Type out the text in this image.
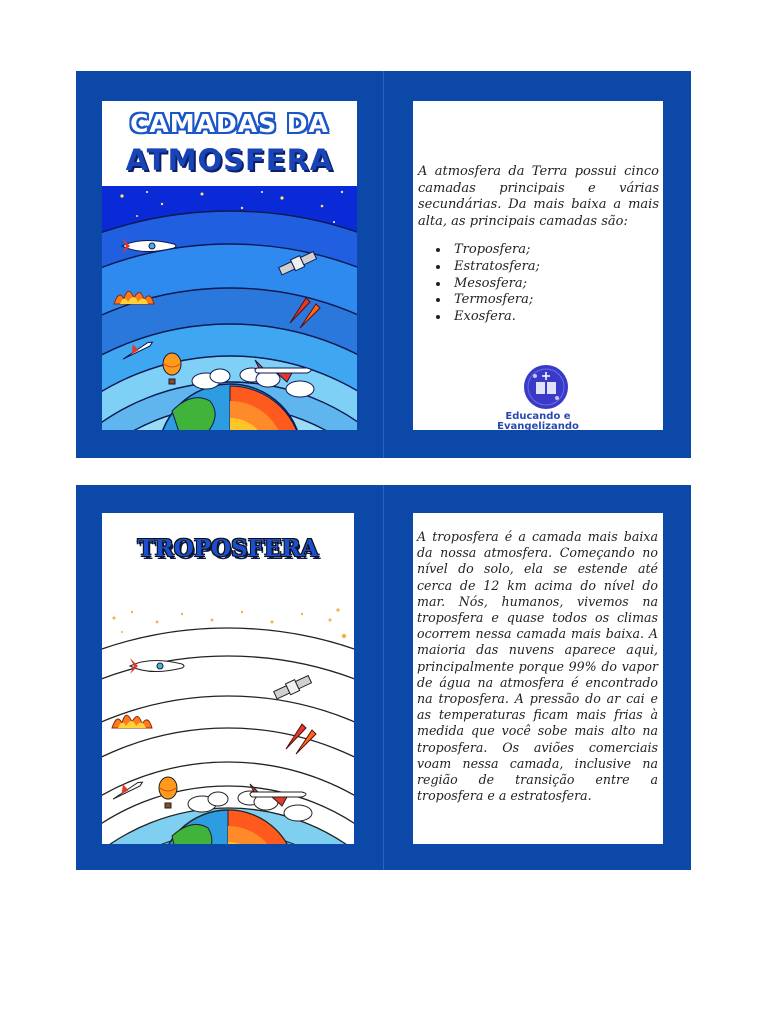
CAMADAS DA
ATMOSFERA	A atmosfera da Terra possui cinco camadas principais e várias secundárias. Da mais baixa a mais alta, as principais camadas são:
• Troposfera;
• Estratosfera;
• Mesosfera;
• Termosfera;
• Exosfera.
Educando e
Evangelizando
TROPOSFERA	A troposfera é a camada mais baixa da nossa atmosfera. Começando no nível do solo, ela se estende até cerca de 12 km acima do nível do mar. Nós, humanos, vivemos na troposfera e quase todos os climas ocorrem nessa camada mais baixa. A maioria das nuvens aparece aqui, principalmente porque 99% do vapor de água na atmosfera é encontrado na troposfera. A pressão do ar cai e as temperaturas ficam mais frias à medida que você sobe mais alto na troposfera. Os aviões comerciais voam nessa camada, inclusive na região de transição entre a troposfera e a estratosfera.
